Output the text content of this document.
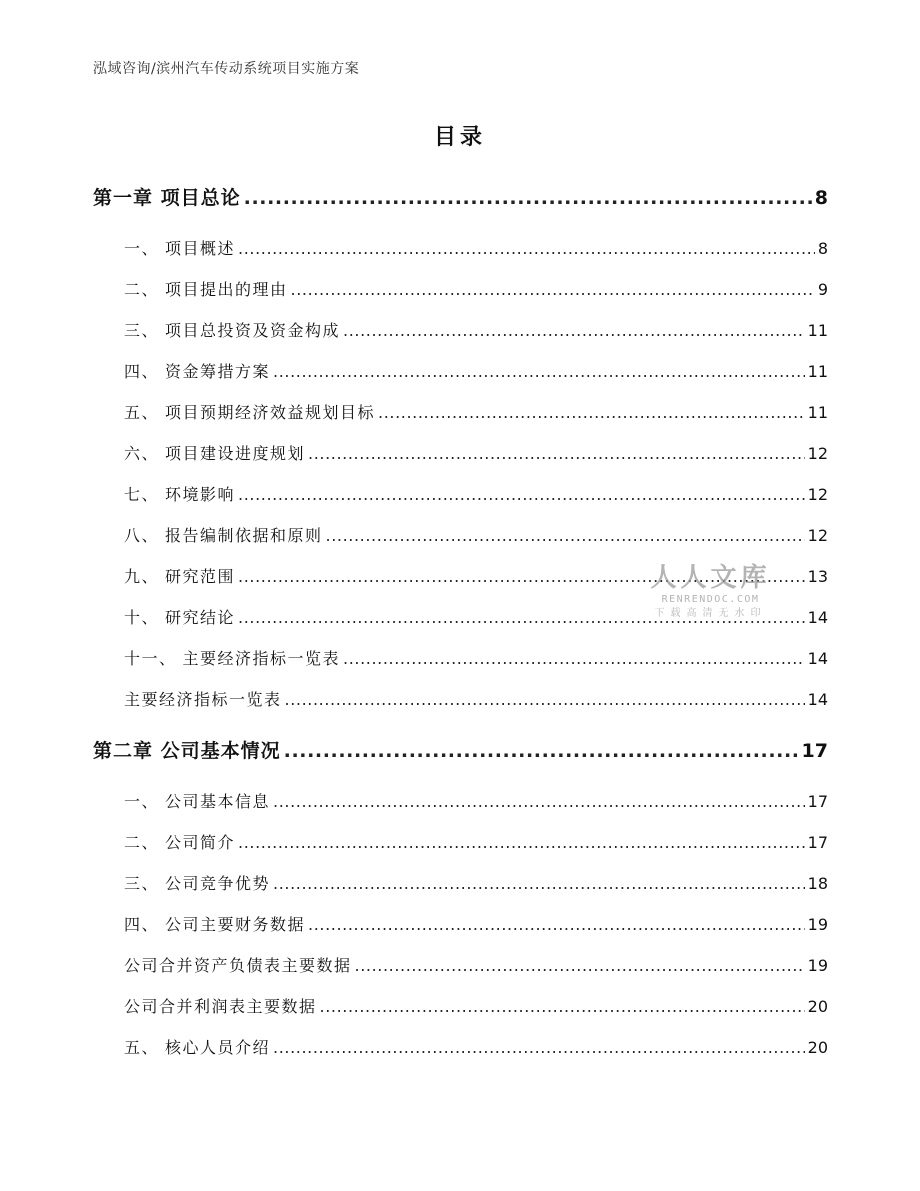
泓域咨询/滨州汽车传动系统项目实施方案
目录
第一章 项目总论 .....	8
一、 项目概述 .....	8
二、 项目提出的理由 .....	9
三、 项目总投资及资金构成 .....	11
四、 资金筹措方案 .....	11
五、 项目预期经济效益规划目标 .....	11
六、 项目建设进度规划 .....	12
七、 环境影响 .....	12
八、 报告编制依据和原则 .....	12
九、 研究范围 .....	13
十、 研究结论 .....	14
十一、 主要经济指标一览表 .....	14
主要经济指标一览表 .....	14
第二章 公司基本情况 .....	17
一、 公司基本信息 .....	17
二、 公司简介 .....	17
三、 公司竞争优势 .....	18
四、 公司主要财务数据 .....	19
公司合并资产负债表主要数据 .....	19
公司合并利润表主要数据 .....	20
五、 核心人员介绍 .....	20
人人文库
RENRENDOC.COM
下载高清无水印
